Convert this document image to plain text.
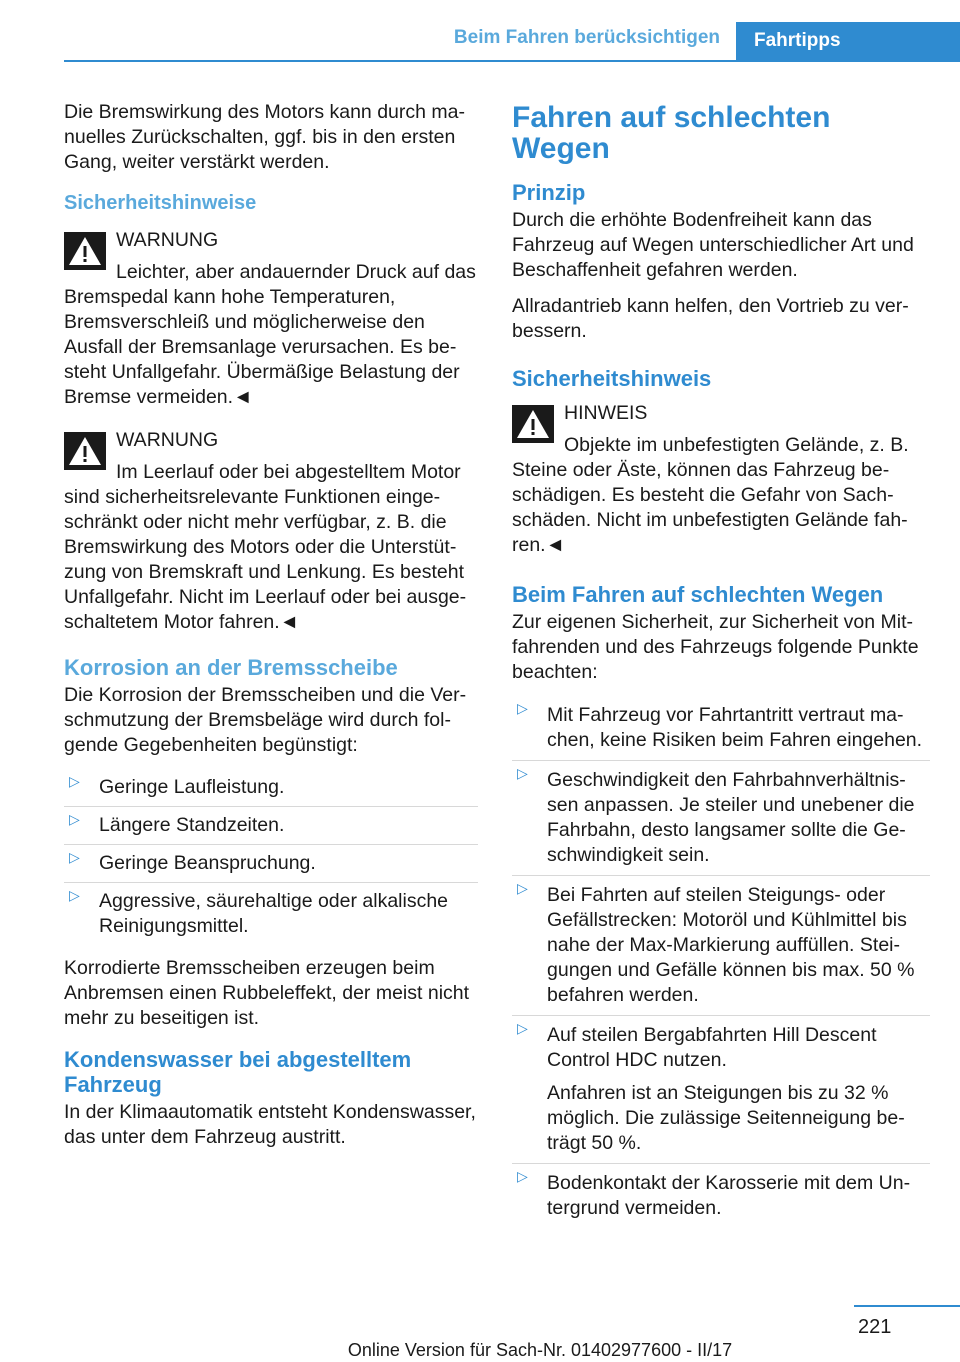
Beim Fahren berücksichtigen	Fahrtipps

Die Bremswirkung des Motors kann durch manuelles Zurückschalten, ggf. bis in den ersten Gang, weiter verstärkt werden.

Sicherheitshinweise
WARNUNG
Leichter, aber andauernder Druck auf das Bremspedal kann hohe Temperaturen, Bremsverschleiß und möglicherweise den Ausfall der Bremsanlage verursachen. Es besteht Unfallgefahr. Übermäßige Belastung der Bremse vermeiden.◄
WARNUNG
Im Leerlauf oder bei abgestelltem Motor sind sicherheitsrelevante Funktionen eingeschränkt oder nicht mehr verfügbar, z. B. die Bremswirkung des Motors oder die Unterstützung von Bremskraft und Lenkung. Es besteht Unfallgefahr. Nicht im Leerlauf oder bei ausgeschaltetem Motor fahren.◄
Korrosion an der Bremsscheibe

Die Korrosion der Bremsscheiben und die Verschmutzung der Bremsbeläge wird durch folgende Gegebenheiten begünstigt:

▷ Geringe Laufleistung.
▷ Längere Standzeiten.
▷ Geringe Beanspruchung.
▷ Aggressive, säurehaltige oder alkalische Reinigungsmittel.

Korrodierte Bremsscheiben erzeugen beim Anbremsen einen Rubbeleffekt, der meist nicht mehr zu beseitigen ist.

Kondenswasser bei abgestelltem Fahrzeug

In der Klimaautomatik entsteht Kondenswasser, das unter dem Fahrzeug austritt.

Fahren auf schlechten Wegen
Prinzip

Durch die erhöhte Bodenfreiheit kann das Fahrzeug auf Wegen unterschiedlicher Art und Beschaffenheit gefahren werden.

Allradantrieb kann helfen, den Vortrieb zu verbessern.

Sicherheitshinweis
HINWEIS
Objekte im unbefestigten Gelände, z. B. Steine oder Äste, können das Fahrzeug beschädigen. Es besteht die Gefahr von Sachschäden. Nicht im unbefestigten Gelände fahren.◄
Beim Fahren auf schlechten Wegen

Zur eigenen Sicherheit, zur Sicherheit von Mitfahrenden und des Fahrzeugs folgende Punkte beachten:

▷ Mit Fahrzeug vor Fahrtantritt vertraut machen, keine Risiken beim Fahren eingehen.
▷ Geschwindigkeit den Fahrbahnverhältnissen anpassen. Je steiler und unebener die Fahrbahn, desto langsamer sollte die Geschwindigkeit sein.
▷ Bei Fahrten auf steilen Steigungs- oder Gefällstrecken: Motoröl und Kühlmittel bis nahe der Max-Markierung auffüllen. Steigungen und Gefälle können bis max. 50 % befahren werden.
▷ Auf steilen Bergabfahrten Hill Descent Control HDC nutzen.
Anfahren ist an Steigungen bis zu 32 % möglich. Die zulässige Seitenneigung beträgt 50 %.
▷ Bodenkontakt der Karosserie mit dem Untergrund vermeiden.
221
Online Version für Sach-Nr. 01402977600 - II/17
